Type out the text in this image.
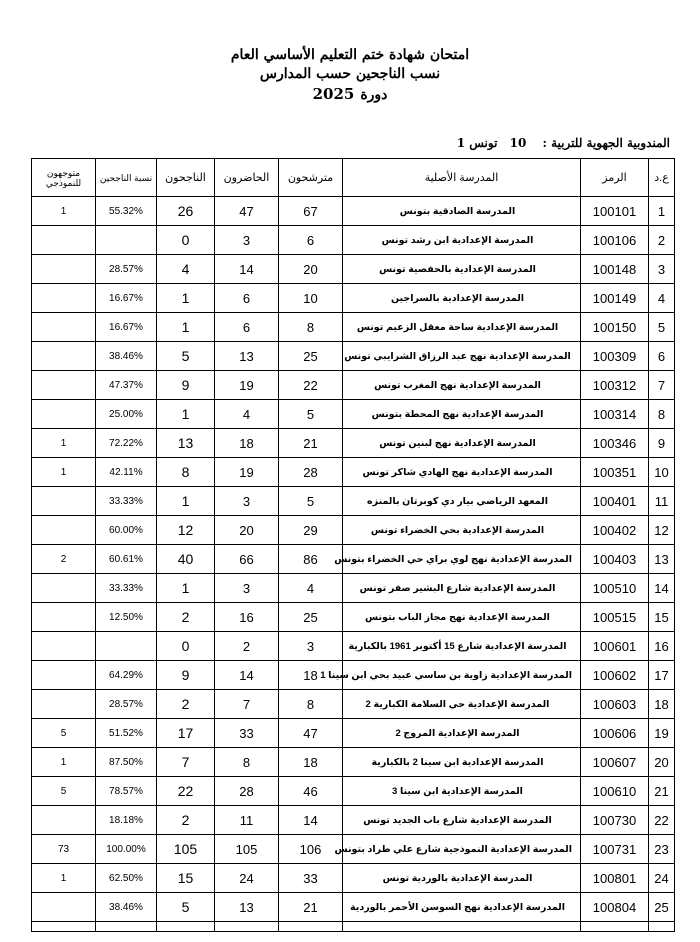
امتحان شهادة ختم التعليم الأساسي العام
نسب الناجحين حسب المدارس
دورة2025
المندوبية الجهوية للتربية : 10 تونس 1
ع.د	الرمز	المدرسة الأصلية	مترشحون	الحاضرون	الناجحون	نسبة الناجحين	متوجهون للنموذجي
1	100101	المدرسة الصادقية بتونس	67	47	26	55.32%	1
2	100106	المدرسة الإعدادية ابن رشد تونس	6	3	0		
3	100148	المدرسة الإعدادية بالحفصية تونس	20	14	4	28.57%	
4	100149	المدرسة الإعدادية بالسراجين	10	6	1	16.67%	
5	100150	المدرسة الإعدادية ساحة معقل الزعيم تونس	8	6	1	16.67%	
6	100309	المدرسة الإعدادية نهج عبد الرزاق الشرايبي تونس	25	13	5	38.46%	
7	100312	المدرسة الإعدادية نهج المغرب تونس	22	19	9	47.37%	
8	100314	المدرسة الإعدادية نهج المحطة بتونس	5	4	1	25.00%	
9	100346	المدرسة الإعدادية نهج لبنين تونس	21	18	13	72.22%	1
10	100351	المدرسة الإعدادية نهج الهادي شاكر تونس	28	19	8	42.11%	1
11	100401	المعهد الرياضي بيار دي كوبرتان بالمنزه	5	3	1	33.33%	
12	100402	المدرسة الإعدادية بحي الخضراء تونس	29	20	12	60.00%	
13	100403	المدرسة الإعدادية نهج لوي براي حي الخضراء بتونس	86	66	40	60.61%	2
14	100510	المدرسة الإعدادية شارع البشير صفر تونس	4	3	1	33.33%	
15	100515	المدرسة الإعدادية نهج مجاز الباب بتونس	25	16	2	12.50%	
16	100601	المدرسة الإعدادية شارع 15 أكتوبر 1961 بالكبارية	3	2	0		
17	100602	المدرسة الإعدادية زاوية بن ساسي عبيد بحي ابن سينا 1	18	14	9	64.29%	
18	100603	المدرسة الإعدادية حي السلامة الكبارية 2	8	7	2	28.57%	
19	100606	المدرسة الإعدادية المروج 2	47	33	17	51.52%	5
20	100607	المدرسة الإعدادية ابن سينا 2 بالكبارية	18	8	7	87.50%	1
21	100610	المدرسة الإعدادية ابن سينا 3	46	28	22	78.57%	5
22	100730	المدرسة الإعدادية شارع باب الجديد تونس	14	11	2	18.18%	
23	100731	المدرسة الإعدادية النموذجية شارع علي طراد بتونس	106	105	105	100.00%	73
24	100801	المدرسة الإعدادية بالوردية تونس	33	24	15	62.50%	1
25	100804	المدرسة الإعدادية نهج السوسن الأحمر بالوردية	21	13	5	38.46%	
